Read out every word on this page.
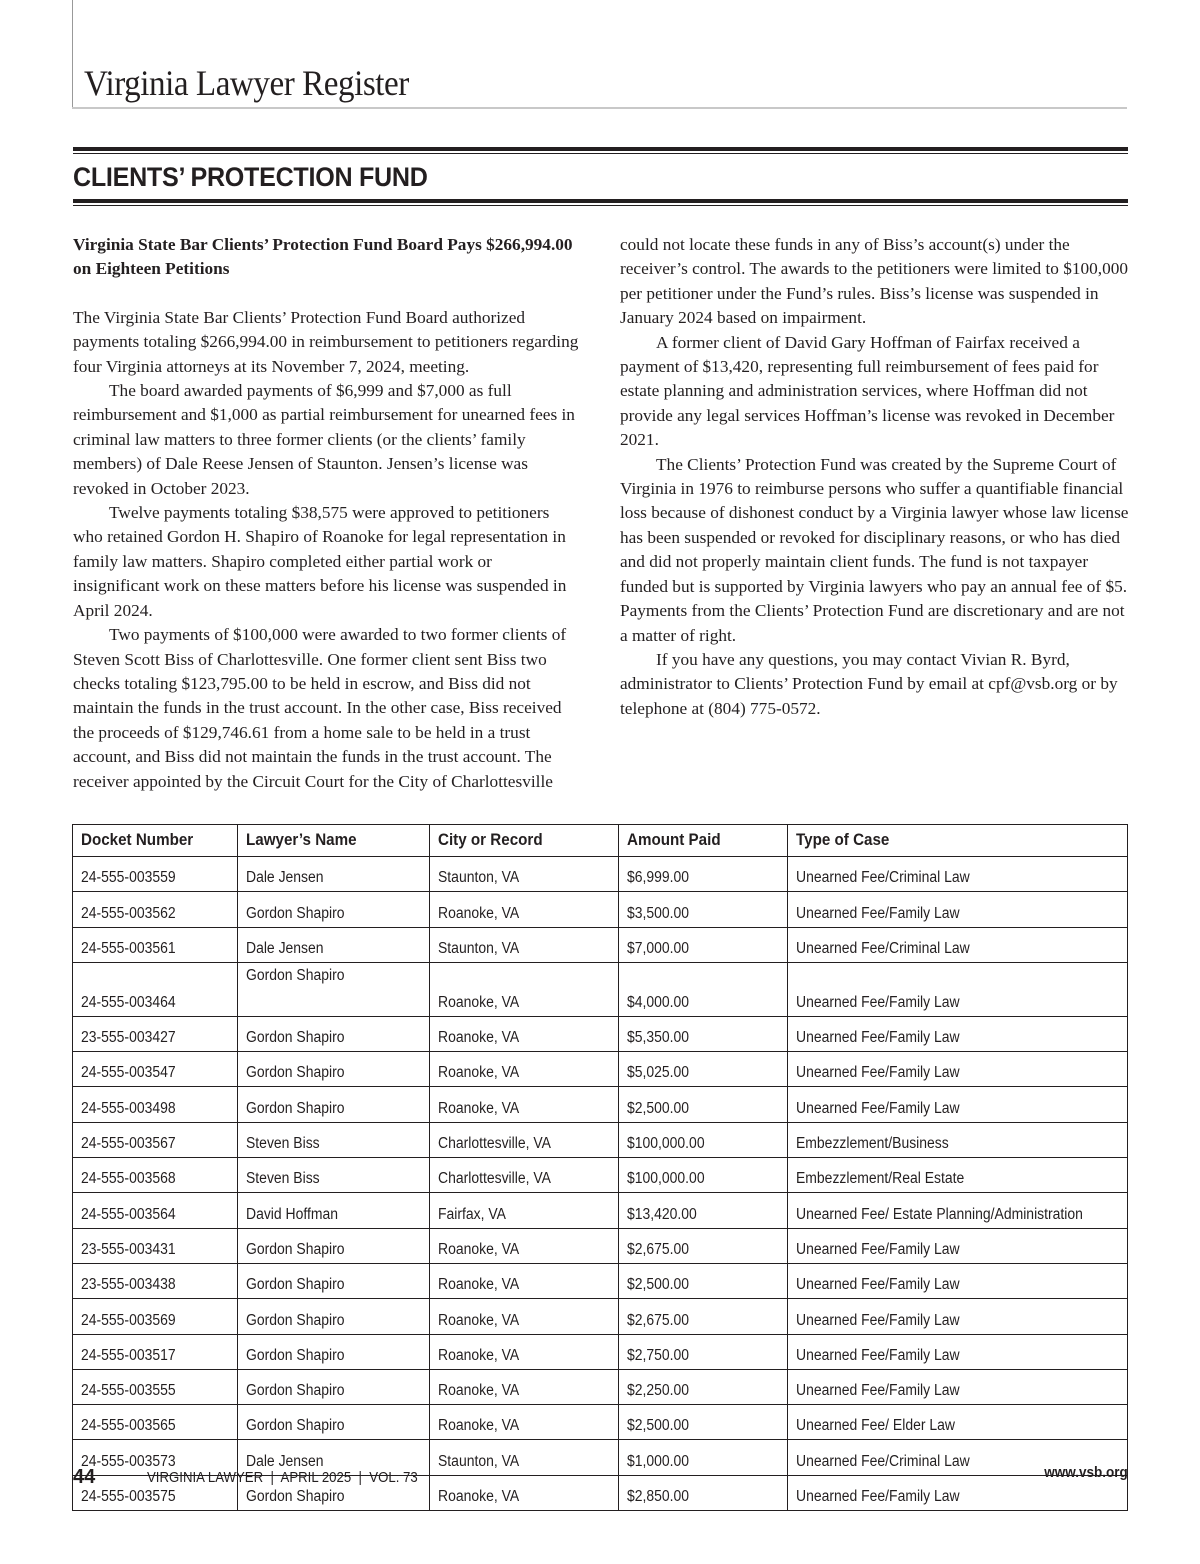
Virginia Lawyer Register
CLIENTS’ PROTECTION FUND

Virginia State Bar Clients’ Protection Fund Board Pays $266,994.00 on Eighteen Petitions

The Virginia State Bar Clients’ Protection Fund Board authorized payments totaling $266,994.00 in reimbursement to petitioners regarding four Virginia attorneys at its November 7, 2024, meeting.

The board awarded payments of $6,999 and $7,000 as full reimbursement and $1,000 as partial reimbursement for unearned fees in criminal law matters to three former clients (or the clients’ family members) of Dale Reese Jensen of Staunton. Jensen’s license was revoked in October 2023.

Twelve payments totaling $38,575 were approved to petitioners who retained Gordon H. Shapiro of Roanoke for legal representation in family law matters. Shapiro completed either partial work or insignificant work on these matters before his license was suspended in April 2024.

Two payments of $100,000 were awarded to two former clients of Steven Scott Biss of Charlottesville. One former client sent Biss two checks totaling $123,795.00 to be held in escrow, and Biss did not maintain the funds in the trust account. In the other case, Biss received the proceeds of $129,746.61 from a home sale to be held in a trust account, and Biss did not maintain the funds in the trust account. The receiver appointed by the Circuit Court for the City of Charlottesville could not locate these funds in any of Biss’s account(s) under the receiver’s control. The awards to the petitioners were limited to $100,000 per petitioner under the Fund’s rules. Biss’s license was suspended in January 2024 based on impairment.

A former client of David Gary Hoffman of Fairfax received a payment of $13,420, representing full reimbursement of fees paid for estate planning and administration services, where Hoffman did not provide any legal services Hoffman’s license was revoked in December 2021.

The Clients’ Protection Fund was created by the Supreme Court of Virginia in 1976 to reimburse persons who suffer a quantifiable financial loss because of dishonest conduct by a Virginia lawyer whose law license has been suspended or revoked for disciplinary reasons, or who has died and did not properly maintain client funds. The fund is not taxpayer funded but is supported by Virginia lawyers who pay an annual fee of $5. Payments from the Clients’ Protection Fund are discretionary and are not a matter of right.

If you have any questions, you may contact Vivian R. Byrd, administrator to Clients’ Protection Fund by email at cpf@vsb.org or by telephone at (804) 775-0572.

Docket Number	Lawyer’s Name	City or Record	Amount Paid	Type of Case
24-555-003559	Dale Jensen	Staunton, VA	$6,999.00	Unearned Fee/Criminal Law
24-555-003562	Gordon Shapiro	Roanoke, VA	$3,500.00	Unearned Fee/Family Law
24-555-003561	Dale Jensen	Staunton, VA	$7,000.00	Unearned Fee/Criminal Law
24-555-003464	Gordon Shapiro	Roanoke, VA	$4,000.00	Unearned Fee/Family Law
23-555-003427	Gordon Shapiro	Roanoke, VA	$5,350.00	Unearned Fee/Family Law
24-555-003547	Gordon Shapiro	Roanoke, VA	$5,025.00	Unearned Fee/Family Law
24-555-003498	Gordon Shapiro	Roanoke, VA	$2,500.00	Unearned Fee/Family Law
24-555-003567	Steven Biss	Charlottesville, VA	$100,000.00	Embezzlement/Business
24-555-003568	Steven Biss	Charlottesville, VA	$100,000.00	Embezzlement/Real Estate
24-555-003564	David Hoffman	Fairfax, VA	$13,420.00	Unearned Fee/ Estate Planning/Administration
23-555-003431	Gordon Shapiro	Roanoke, VA	$2,675.00	Unearned Fee/Family Law
23-555-003438	Gordon Shapiro	Roanoke, VA	$2,500.00	Unearned Fee/Family Law
24-555-003569	Gordon Shapiro	Roanoke, VA	$2,675.00	Unearned Fee/Family Law
24-555-003517	Gordon Shapiro	Roanoke, VA	$2,750.00	Unearned Fee/Family Law
24-555-003555	Gordon Shapiro	Roanoke, VA	$2,250.00	Unearned Fee/Family Law
24-555-003565	Gordon Shapiro	Roanoke, VA	$2,500.00	Unearned Fee/ Elder Law
24-555-003573	Dale Jensen	Staunton, VA	$1,000.00	Unearned Fee/Criminal Law
24-555-003575	Gordon Shapiro	Roanoke, VA	$2,850.00	Unearned Fee/Family Law
44	VIRGINIA LAWYER  |  APRIL 2025  |  VOL. 73	www.vsb.org
